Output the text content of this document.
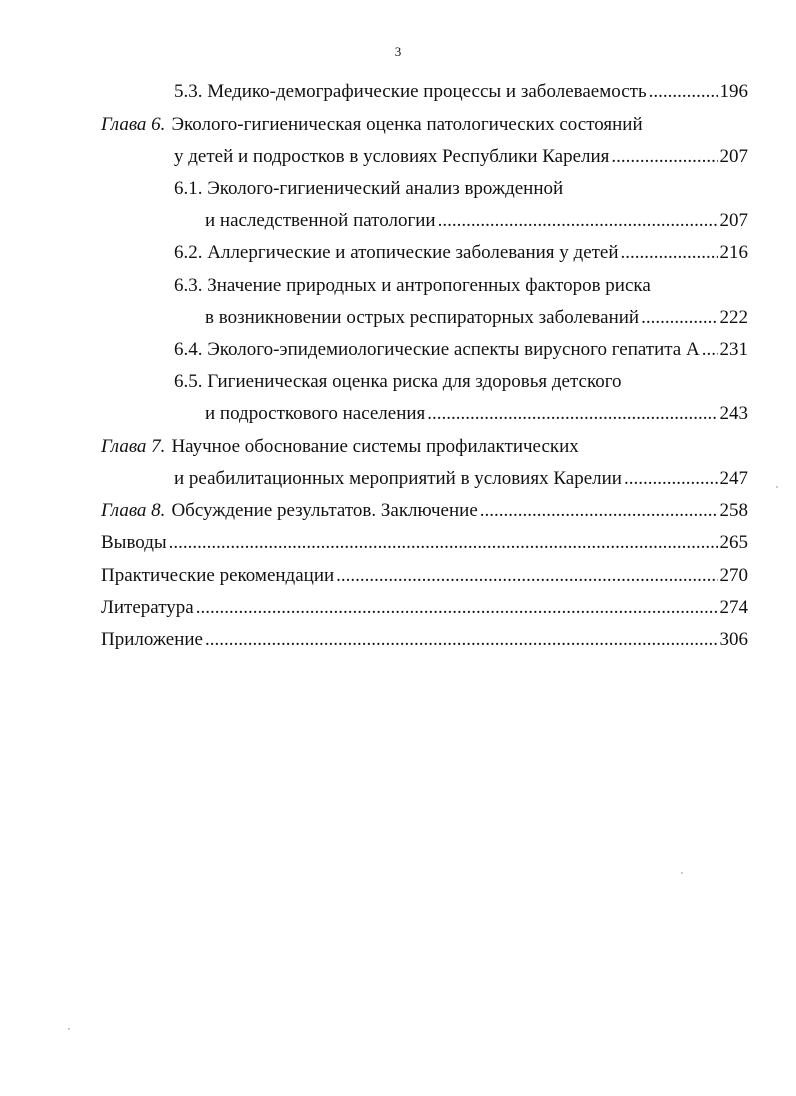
3
5.3. Медико-демографические процессы и заболеваемость .....	196
Глава 6. Эколого-гигиеническая оценка патологических состояний
у детей и подростков в условиях Республики Карелия .....	207
6.1. Эколого-гигиенический анализ врожденной
и наследственной патологии .....	207
6.2. Аллергические и атопические заболевания у детей .....	216
6.3. Значение природных и антропогенных факторов риска
в возникновении острых респираторных заболеваний .....	222
6.4. Эколого-эпидемиологические аспекты вирусного гепатита А ..... 231
6.5. Гигиеническая оценка риска для здоровья детского
и подросткового населения .....	243
Глава 7. Научное обоснование системы профилактических
и реабилитационных мероприятий в условиях Карелии .....	247
Глава 8. Обсуждение результатов. Заключение .....	258
Выводы .....	265
Практические рекомендации .....	270
Литература .....	274
Приложение .....	306
